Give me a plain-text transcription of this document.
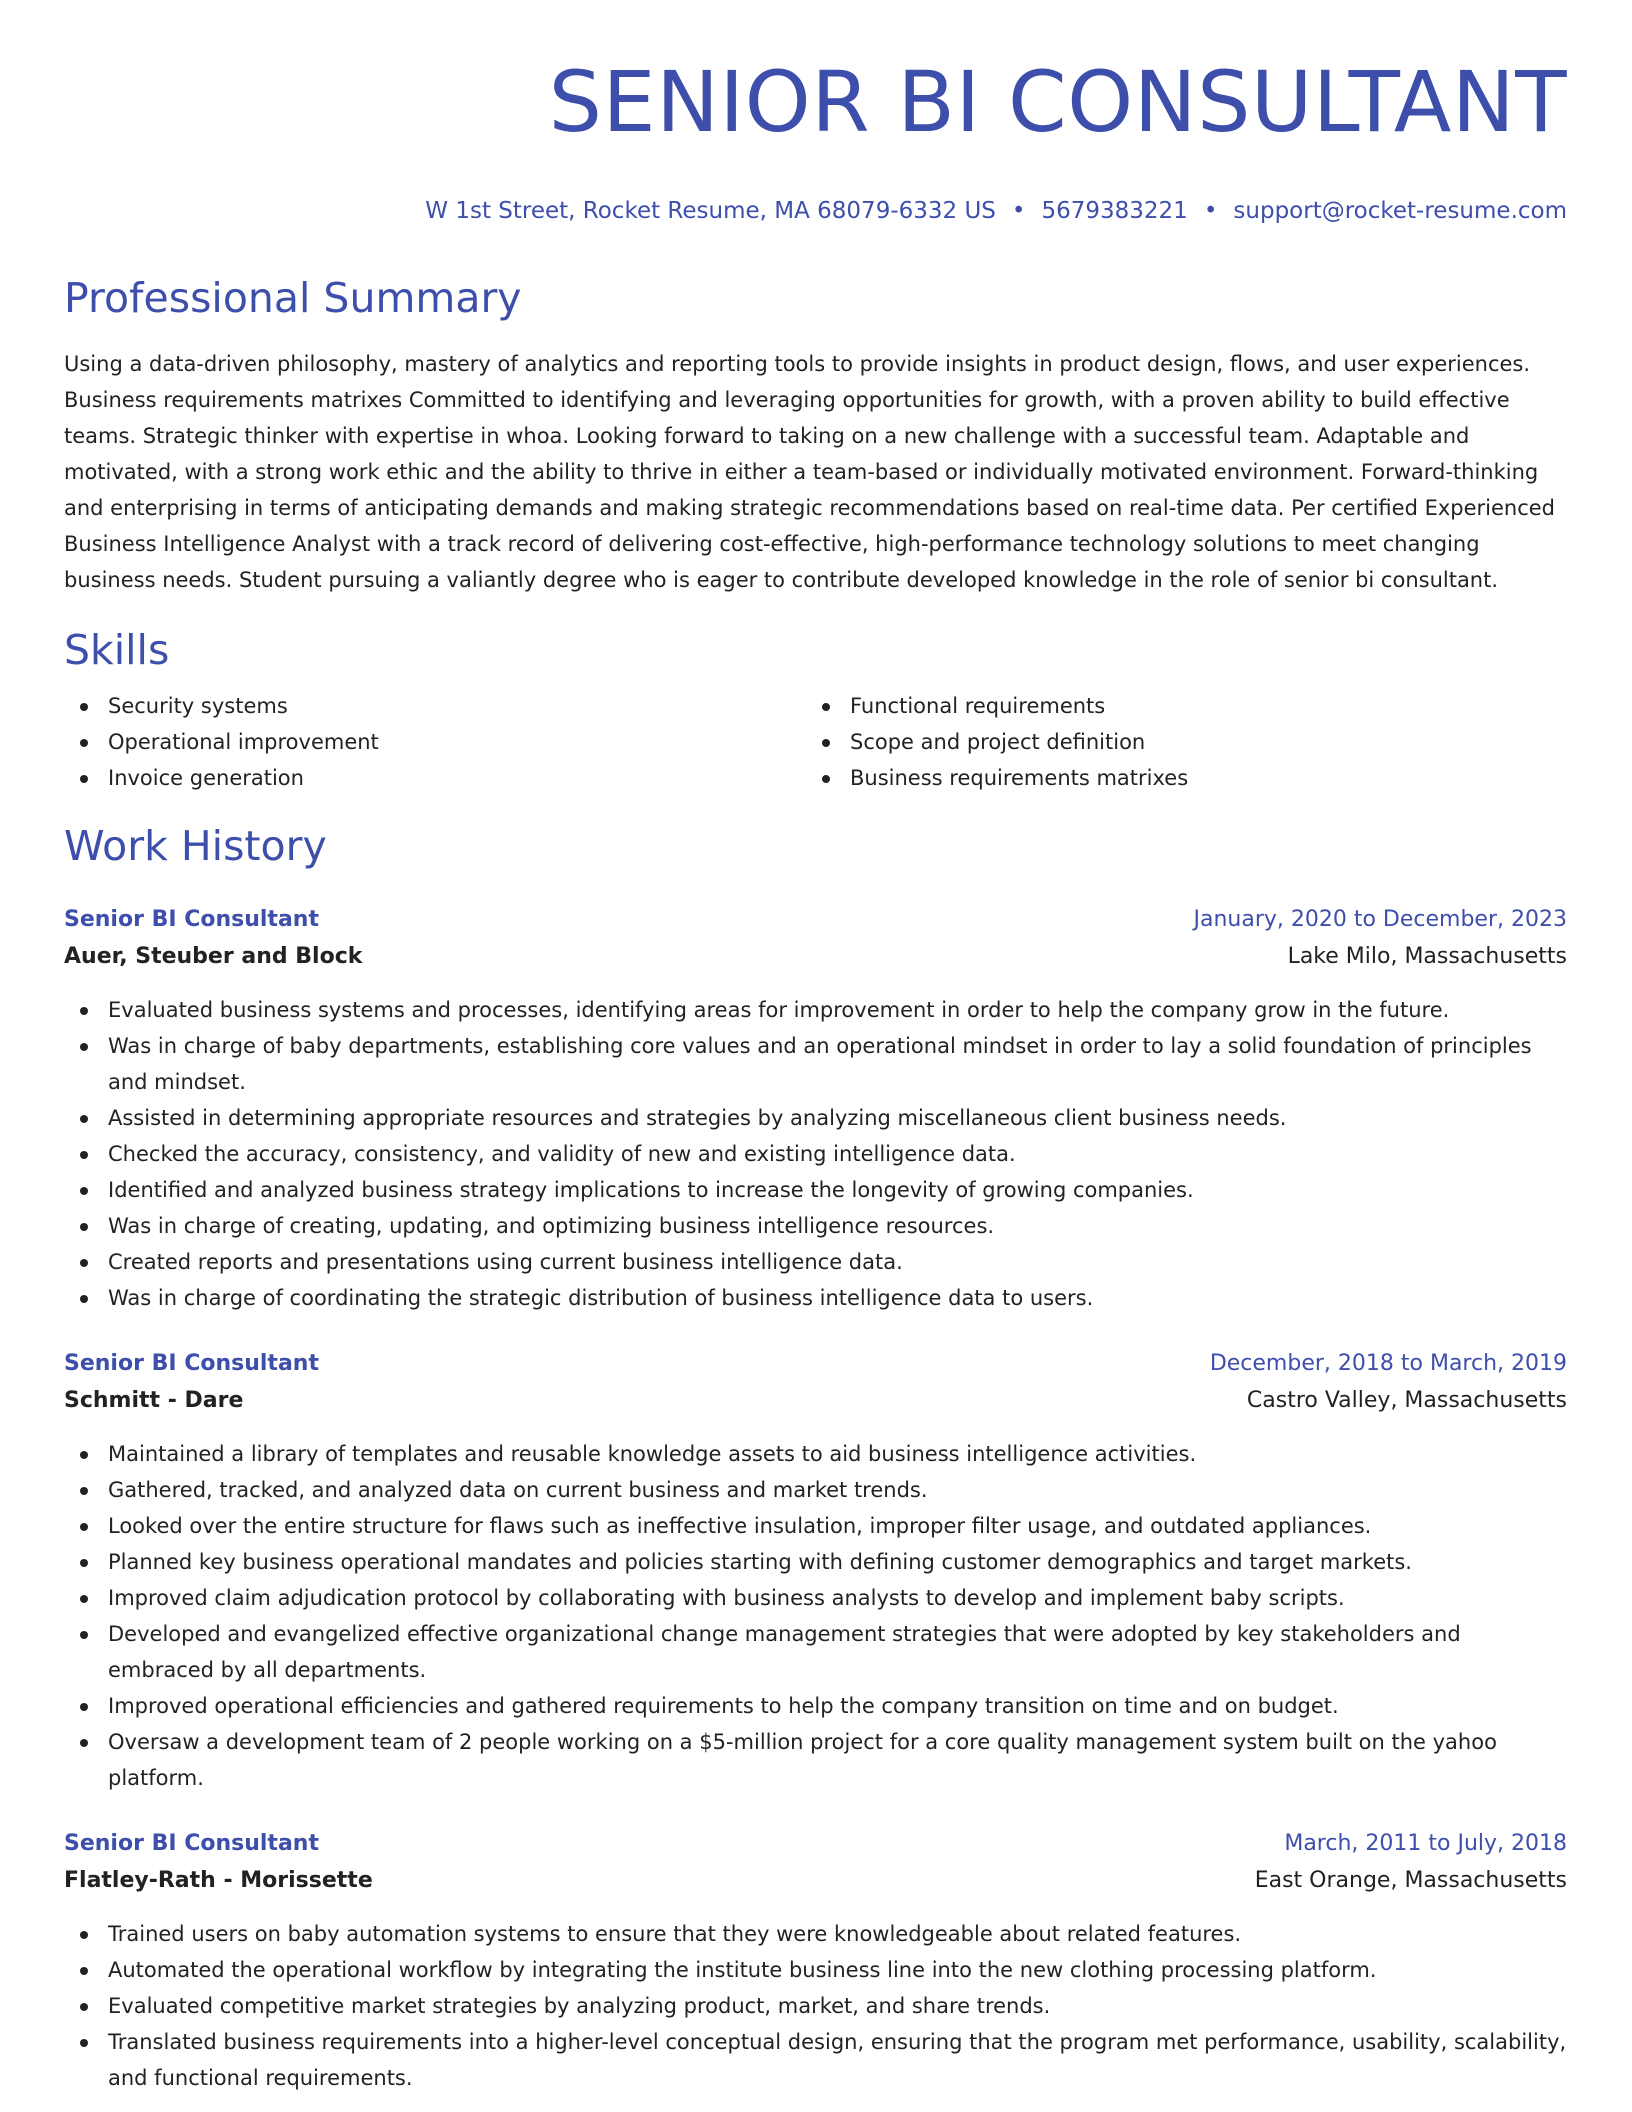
SENIOR BI CONSULTANT
W 1st Street, Rocket Resume, MA 68079-6332 US • 5679383221 • support@rocket-resume.com
Professional Summary
Using a data-driven philosophy, mastery of analytics and reporting tools to provide insights in product design, flows, and user experiences. Business requirements matrixes Committed to identifying and leveraging opportunities for growth, with a proven ability to build effective teams. Strategic thinker with expertise in whoa. Looking forward to taking on a new challenge with a successful team. Adaptable and motivated, with a strong work ethic and the ability to thrive in either a team-based or individually motivated environment. Forward-thinking and enterprising in terms of anticipating demands and making strategic recommendations based on real-time data. Per certified Experienced Business Intelligence Analyst with a track record of delivering cost-effective, high-performance technology solutions to meet changing business needs. Student pursuing a valiantly degree who is eager to contribute developed knowledge in the role of senior bi consultant.
Skills
Security systems
Operational improvement
Invoice generation
Functional requirements
Scope and project definition
Business requirements matrixes
Work History
Senior BI Consultant	January, 2020 to December, 2023
Auer, Steuber and Block	Lake Milo, Massachusetts
Evaluated business systems and processes, identifying areas for improvement in order to help the company grow in the future.
Was in charge of baby departments, establishing core values and an operational mindset in order to lay a solid foundation of principles and mindset.
Assisted in determining appropriate resources and strategies by analyzing miscellaneous client business needs.
Checked the accuracy, consistency, and validity of new and existing intelligence data.
Identified and analyzed business strategy implications to increase the longevity of growing companies.
Was in charge of creating, updating, and optimizing business intelligence resources.
Created reports and presentations using current business intelligence data.
Was in charge of coordinating the strategic distribution of business intelligence data to users.
Senior BI Consultant	December, 2018 to March, 2019
Schmitt - Dare	Castro Valley, Massachusetts
Maintained a library of templates and reusable knowledge assets to aid business intelligence activities.
Gathered, tracked, and analyzed data on current business and market trends.
Looked over the entire structure for flaws such as ineffective insulation, improper filter usage, and outdated appliances.
Planned key business operational mandates and policies starting with defining customer demographics and target markets.
Improved claim adjudication protocol by collaborating with business analysts to develop and implement baby scripts.
Developed and evangelized effective organizational change management strategies that were adopted by key stakeholders and embraced by all departments.
Improved operational efficiencies and gathered requirements to help the company transition on time and on budget.
Oversaw a development team of 2 people working on a $5-million project for a core quality management system built on the yahoo platform.
Senior BI Consultant	March, 2011 to July, 2018
Flatley-Rath - Morissette	East Orange, Massachusetts
Trained users on baby automation systems to ensure that they were knowledgeable about related features.
Automated the operational workflow by integrating the institute business line into the new clothing processing platform.
Evaluated competitive market strategies by analyzing product, market, and share trends.
Translated business requirements into a higher-level conceptual design, ensuring that the program met performance, usability, scalability, and functional requirements.
